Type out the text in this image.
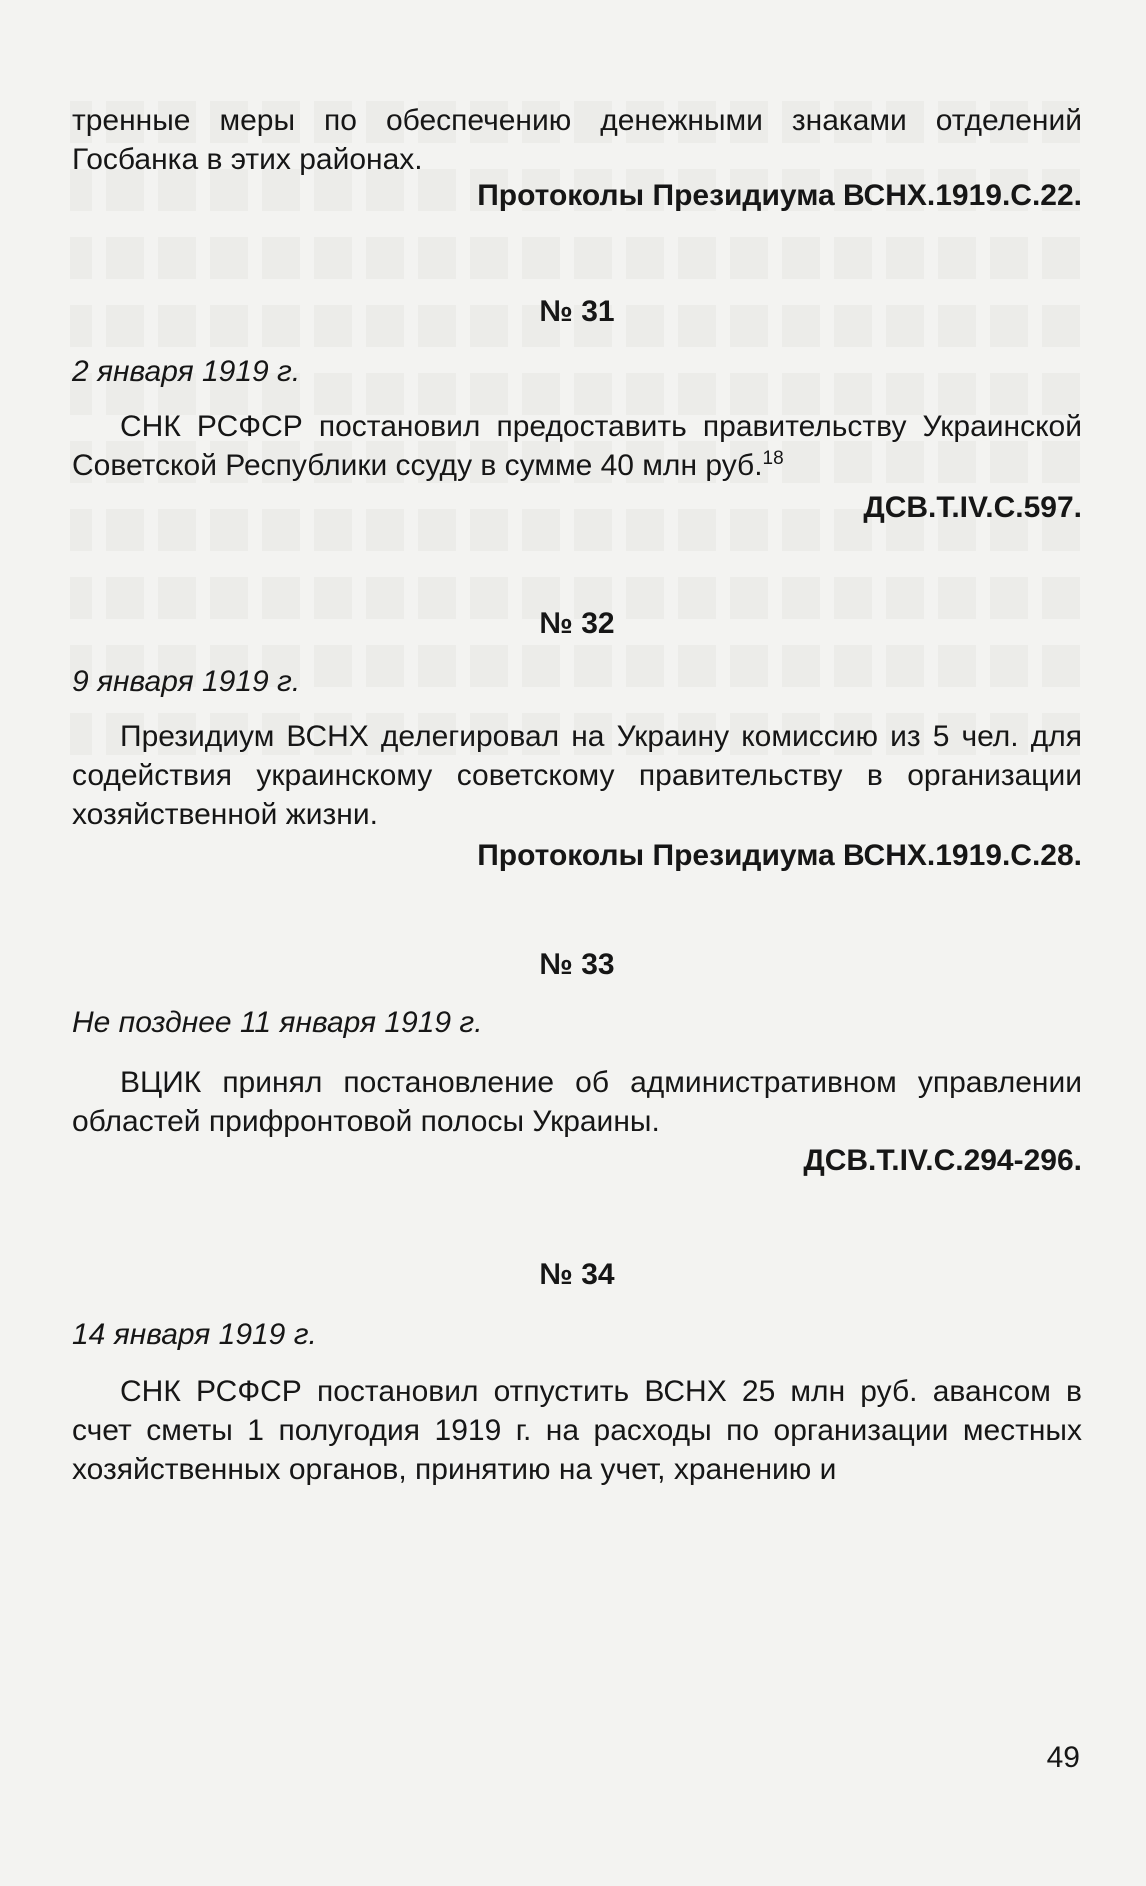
тренные меры по обеспечению денежными знаками отделений Госбанка в этих районах.

Протоколы Президиума ВСНХ.1919.С.22.

№ 31

2 января 1919 г.

СНК РСФСР постановил предоставить правительству Украинской Советской Республики ссуду в сумме 40 млн руб.$^{18}$

ДСВ.Т.IV.С.597.

№ 32

9 января 1919 г.

Президиум ВСНХ делегировал на Украину комиссию из 5 чел. для содействия украинскому советскому правительству в организации хозяйственной жизни.

Протоколы Президиума ВСНХ.1919.С.28.

№ 33

Не позднее 11 января 1919 г.

ВЦИК принял постановление об административном управлении областей прифронтовой полосы Украины.

ДСВ.Т.IV.С.294-296.

№ 34

14 января 1919 г.

СНК РСФСР постановил отпустить ВСНХ 25 млн руб. авансом в счет сметы 1 полугодия 1919 г. на расходы по организации местных хозяйственных органов, принятию на учет, хранению и

49
